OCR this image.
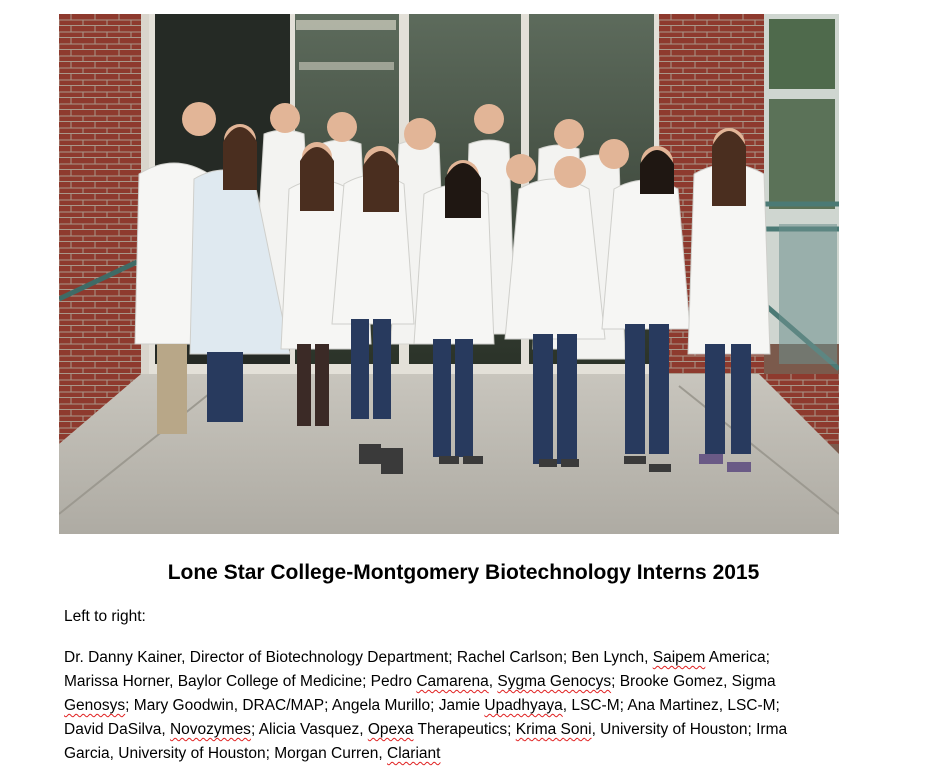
Lone Star College-Montgomery Biotechnology Interns 2015
Left to right:
Dr. Danny Kainer, Director of Biotechnology Department; Rachel Carlson; Ben Lynch, Saipem America;
Marissa Horner, Baylor College of Medicine; Pedro Camarena, Sygma Genocys; Brooke Gomez, Sigma
Genosys; Mary Goodwin, DRAC/MAP; Angela Murillo; Jamie Upadhyaya, LSC-M; Ana Martinez, LSC-M;
David DaSilva, Novozymes; Alicia Vasquez, Opexa Therapeutics; Krima Soni, University of Houston; Irma
Garcia, University of Houston; Morgan Curren, Clariant
